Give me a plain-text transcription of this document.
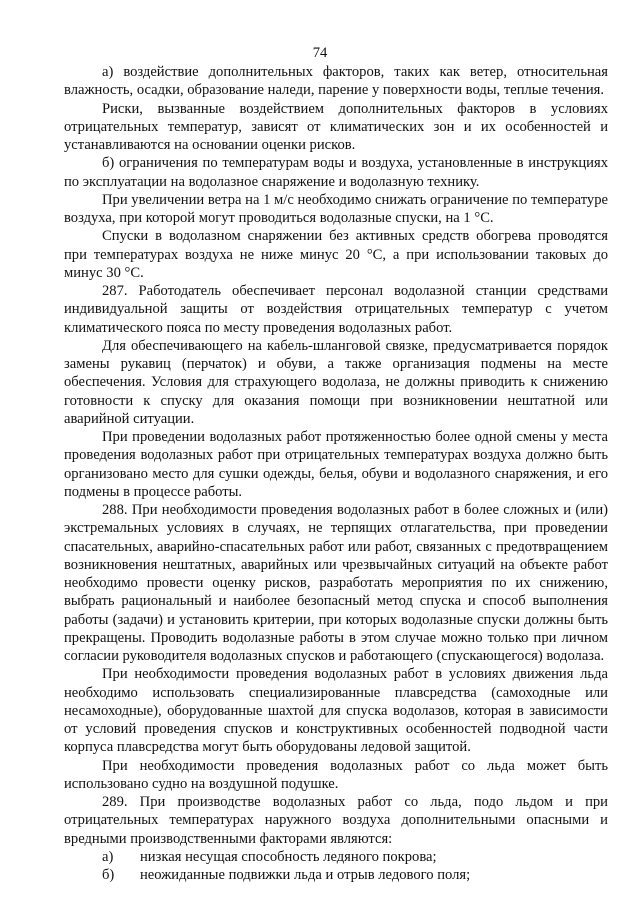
74

а) воздействие дополнительных факторов, таких как ветер, относительная влажность, осадки, образование наледи, парение у поверхности воды, теплые течения.

Риски, вызванные воздействием дополнительных факторов в условиях отрицательных температур, зависят от климатических зон и их особенностей и устанавливаются на основании оценки рисков.

б) ограничения по температурам воды и воздуха, установленные в инструкциях по эксплуатации на водолазное снаряжение и водолазную технику.

При увеличении ветра на 1 м/с необходимо снижать ограничение по температуре воздуха, при которой могут проводиться водолазные спуски, на 1 °С.

Спуски в водолазном снаряжении без активных средств обогрева проводятся при температурах воздуха не ниже минус 20 °С, а при использовании таковых до минус 30 °С.

287. Работодатель обеспечивает персонал водолазной станции средствами индивидуальной защиты от воздействия отрицательных температур с учетом климатического пояса по месту проведения водолазных работ.

Для обеспечивающего на кабель-шланговой связке, предусматривается порядок замены рукавиц (перчаток) и обуви, а также организация подмены на месте обеспечения. Условия для страхующего водолаза, не должны приводить к снижению готовности к спуску для оказания помощи при возникновении нештатной или аварийной ситуации.

При проведении водолазных работ протяженностью более одной смены у места проведения водолазных работ при отрицательных температурах воздуха должно быть организовано место для сушки одежды, белья, обуви и водолазного снаряжения, и его подмены в процессе работы.

288. При необходимости проведения водолазных работ в более сложных и (или) экстремальных условиях в случаях, не терпящих отлагательства, при проведении спасательных, аварийно-спасательных работ или работ, связанных с предотвращением возникновения нештатных, аварийных или чрезвычайных ситуаций на объекте работ необходимо провести оценку рисков, разработать мероприятия по их снижению, выбрать рациональный и наиболее безопасный метод спуска и способ выполнения работы (задачи) и установить критерии, при которых водолазные спуски должны быть прекращены. Проводить водолазные работы в этом случае можно только при личном согласии руководителя водолазных спусков и работающего (спускающегося) водолаза.

При необходимости проведения водолазных работ в условиях движения льда необходимо использовать специализированные плавсредства (самоходные или несамоходные), оборудованные шахтой для спуска водолазов, которая в зависимости от условий проведения спусков и конструктивных особенностей подводной части корпуса плавсредства могут быть оборудованы ледовой защитой.

При необходимости проведения водолазных работ со льда может быть использовано судно на воздушной подушке.

289. При производстве водолазных работ со льда, подо льдом и при отрицательных температурах наружного воздуха дополнительными опасными и вредными производственными факторами являются:

а)	низкая несущая способность ледяного покрова;
б)	неожиданные подвижки льда и отрыв ледового поля;
